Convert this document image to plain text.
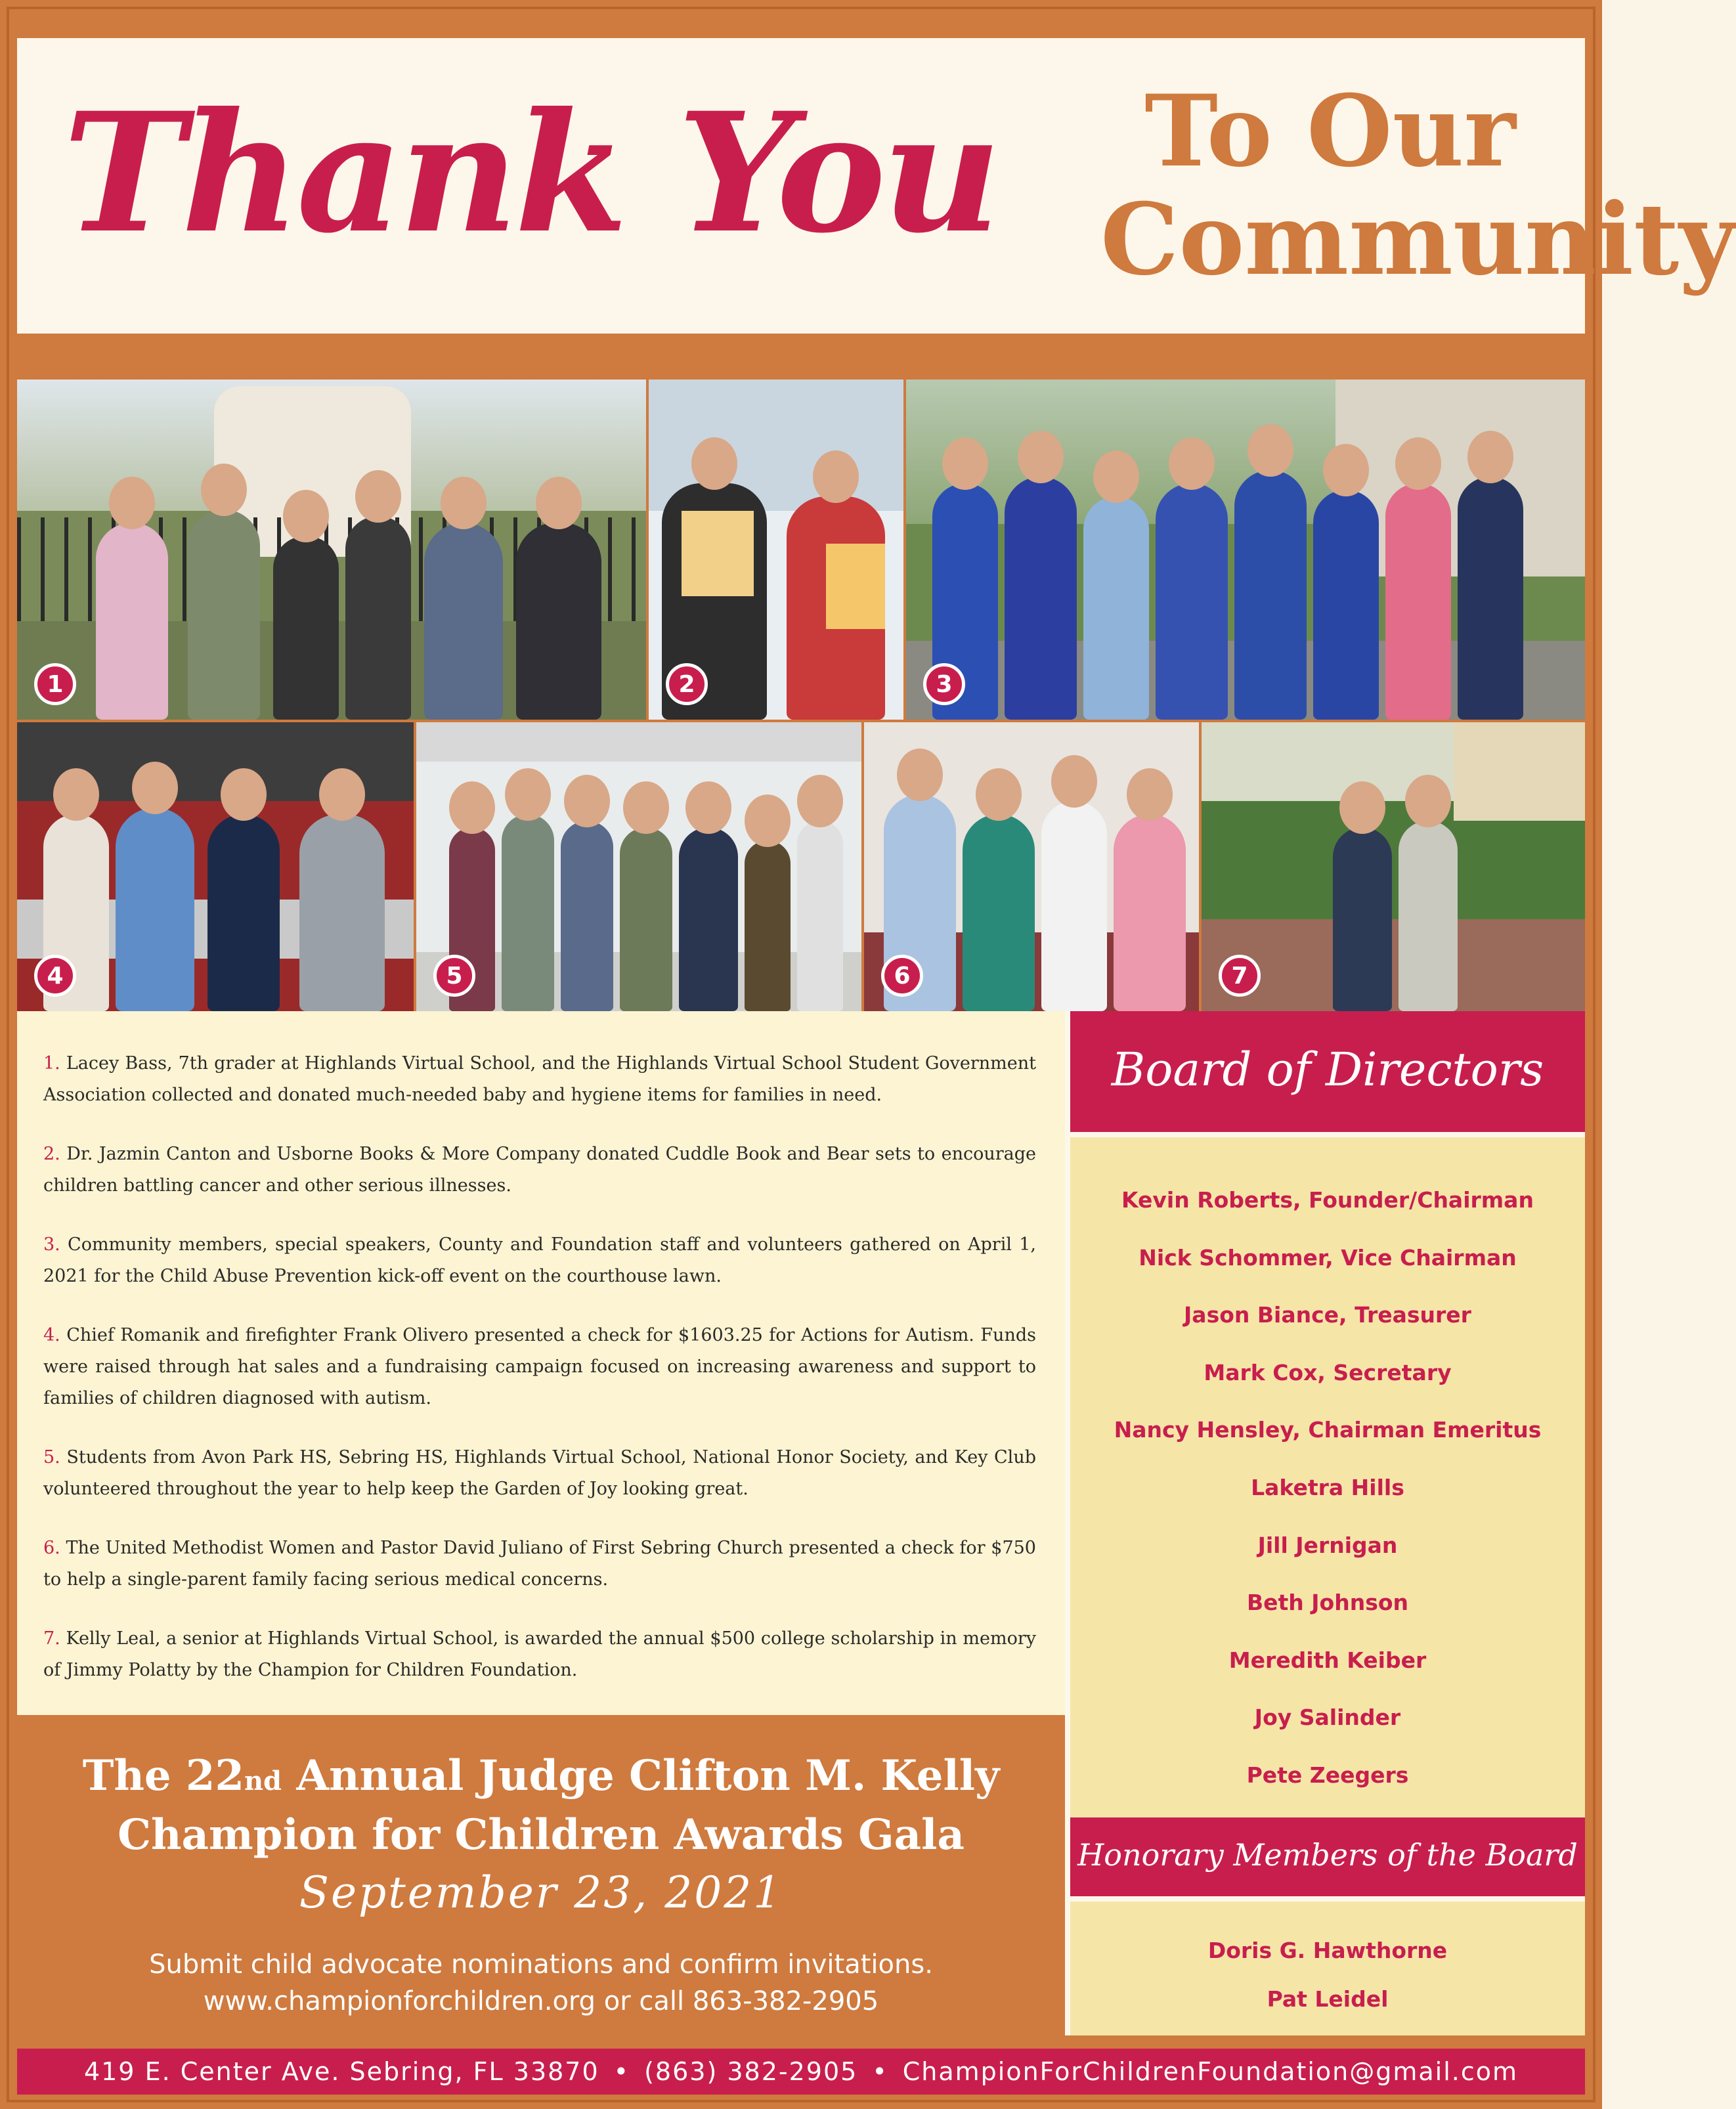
Thank You	To Our
Community
1	2	3
4	5	6	7

1. Lacey Bass, 7th grader at Highlands Virtual School, and the Highlands Virtual School Student Government Association collected and donated much-needed baby and hygiene items for families in need.

2. Dr. Jazmin Canton and Usborne Books & More Company donated Cuddle Book and Bear sets to encourage children battling cancer and other serious illnesses.

3. Community members, special speakers, County and Foundation staff and volunteers gathered on April 1, 2021 for the Child Abuse Prevention kick-off event on the courthouse lawn.

4. Chief Romanik and firefighter Frank Olivero presented a check for $1603.25 for Actions for Autism. Funds were raised through hat sales and a fundraising campaign focused on increasing awareness and support to families of children diagnosed with autism.

5. Students from Avon Park HS, Sebring HS, Highlands Virtual School, National Honor Society, and Key Club volunteered throughout the year to help keep the Garden of Joy looking great.

6. The United Methodist Women and Pastor David Juliano of First Sebring Church presented a check for $750 to help a single-parent family facing serious medical concerns.

7. Kelly Leal, a senior at Highlands Virtual School, is awarded the annual $500 college scholarship in memory of Jimmy Polatty by the Champion for Children Foundation.

The 22nd Annual Judge Clifton M. Kelly
Champion for Children Awards Gala
September 23, 2021
Submit child advocate nominations and confirm invitations.
www.championforchildren.org or call 863-382-2905
Board of Directors
Kevin Roberts, Founder/Chairman
Nick Schommer, Vice Chairman
Jason Biance, Treasurer
Mark Cox, Secretary
Nancy Hensley, Chairman Emeritus
Laketra Hills
Jill Jernigan
Beth Johnson
Meredith Keiber
Joy Salinder
Pete Zeegers
Honorary Members of the Board
Doris G. Hawthorne
Pat Leidel
419 E. Center Ave. Sebring, FL 33870 • (863) 382-2905 • ChampionForChildrenFoundation@gmail.com
